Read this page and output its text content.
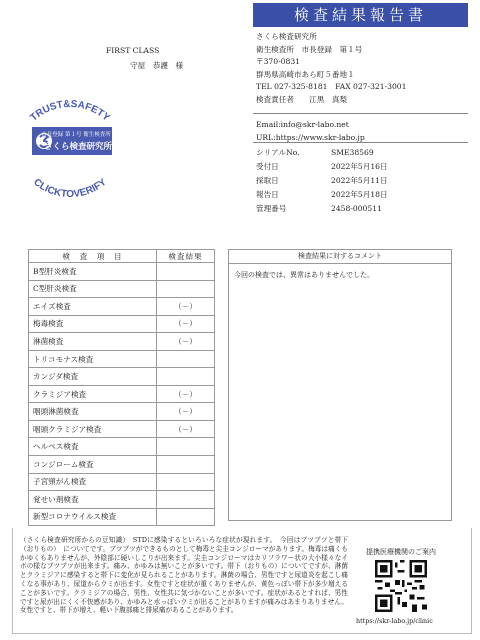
検査結果報告書
FIRST CLASS
守屋　恭護　様
さくら検査研究所
衛生検査所　市長登録　第１号
〒370-0831
群馬県高崎市あら町５番地１
TEL 027-325-8181　FAX 027-321-3001
検査責任者　　江黒　真梨
Email:info@skr-labo.net
URL:https://www.skr-labo.jp
シリアルNo.	SME38569
受付日	2022年5月16日
採取日	2022年5月11日
報告日	2022年5月18日
管理番号	2458-000511
TRUST&SAFETY
CLICKTOVERIFY
市長登録 第１号 衛生検査所
さくら検査研究所
検　査　項　目	検査結果
B型肝炎検査	
C型肝炎検査	
エイズ検査	（－）
梅毒検査	（－）
淋菌検査	（－）
トリコモナス検査	
カンジダ検査	
クラミジア検査	（－）
咽頭淋菌検査	（－）
咽頭クラミジア検査	（－）
ヘルペス検査	
コンジローム検査	
子宮頸がん検査	
覚せい剤検査	
新型コロナウイルス検査	
検査結果に対するコメント
今回の検査では、異常はありませんでした。
（さくら検査研究所からの豆知識）　STDに感染するといろいろな症状が現れます。　今回はブツブツと帯下（おりもの）　についてです。ブツブツができるものとして梅毒と尖圭コンジローマがあります。梅毒は痛くもかゆくもありませんが、外陰部に硬いしこりが出来ます。尖圭コンジローマはカリフラワー状の大小様々なイボの様なブツブツが出来ます。痛み、かゆみは無いことが多いです。帯下（おりもの）についてですが、淋菌とクラミジアに感染すると帯下に変化が見られることがあります。淋菌の場合、男性ですと尿道炎を起こし痛くなる事があり、尿道からウミが出ます。女性ですと症状が重くありませんが、黄色っぽい帯下が多少増えることが多いです。クラミジアの場合、男性、女性共に気づかないことが多いです。症状があるとすれば、男性ですと尿が出にくく不快感があり、かゆみと水っぽいウミが出ることがありますが痛みはあまりありません。女性ですと、帯下が増え、軽い下腹部痛と排尿痛があることがあります。
提携医療機関のご案内
https://skr-labo.jp/clinic
